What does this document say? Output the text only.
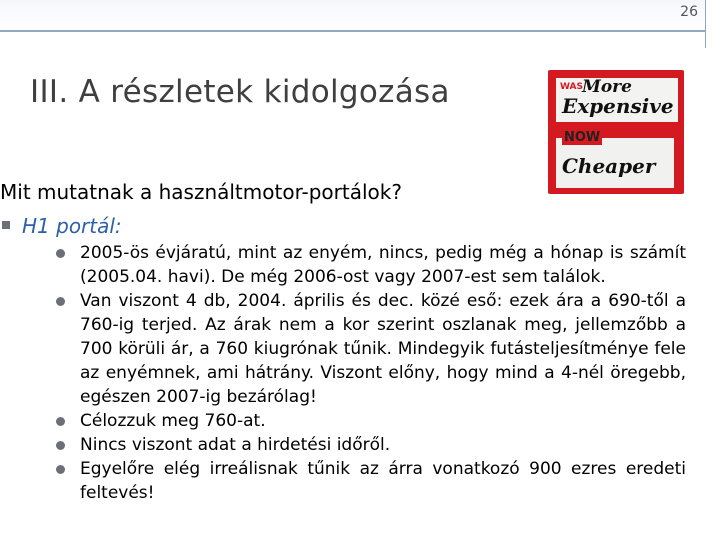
26
III. A részletek kidolgozása	WAS More
Expensive
NOW
Cheaper
Mit mutatnak a használtmotor-portálok?
H1 portál:
2005-ös évjáratú, mint az enyém, nincs, pedig még a hónap is számít (2005.04. havi). De még 2006-ost vagy 2007-est sem találok.
Van viszont 4 db, 2004. április és dec. közé eső: ezek ára a 690-től a 760-ig terjed. Az árak nem a kor szerint oszlanak meg, jellemzőbb a 700 körüli ár, a 760 kiugrónak tűnik. Mindegyik futásteljesítménye fele az enyémnek, ami hátrány. Viszont előny, hogy mind a 4-nél öregebb, egészen 2007-ig bezárólag!
Célozzuk meg 760-at.
Nincs viszont adat a hirdetési időről.
Egyelőre elég irreálisnak tűnik az árra vonatkozó 900 ezres eredeti feltevés!
